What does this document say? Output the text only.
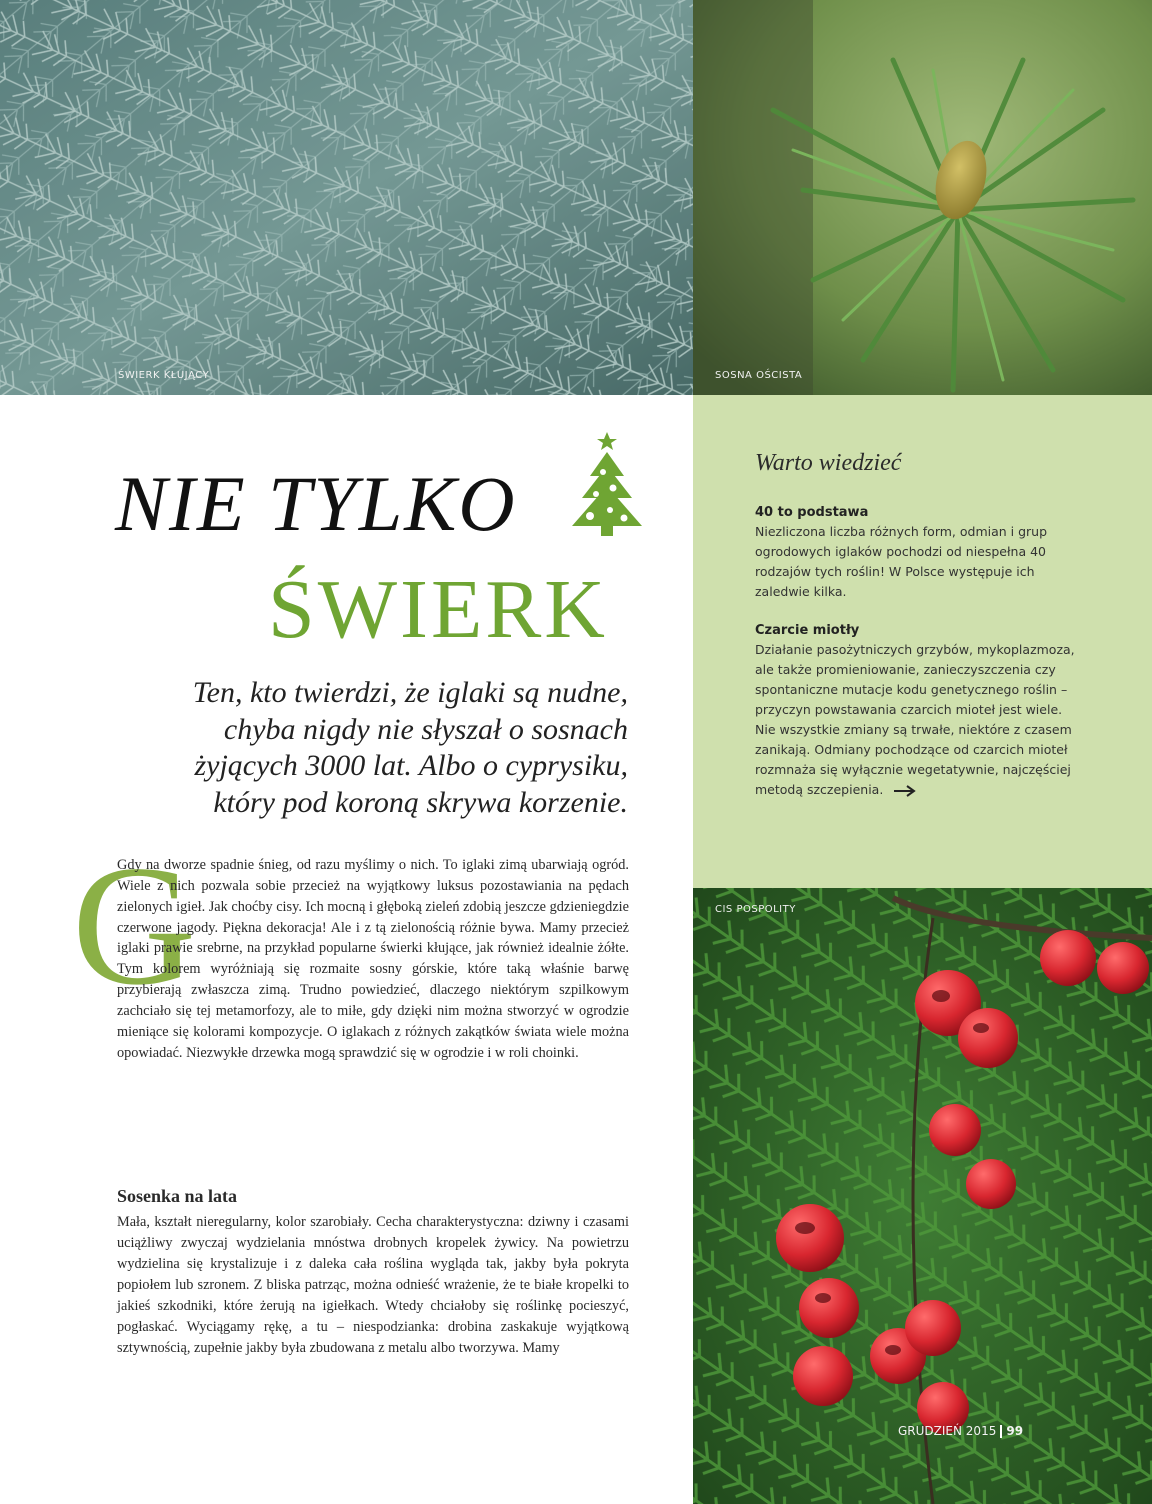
ŚWIERK KŁUJĄCY	SOSNA OŚCISTA
NIE TYLKO
ŚWIERK
Ten, kto twierdzi, że iglaki są nudne, chyba nigdy nie słyszał o sosnach żyjących 3000 lat. Albo o cyprysiku, który pod koroną skrywa korzenie.
G

Gdy na dworze spadnie śnieg, od razu myślimy o nich. To iglaki zimą ubarwiają ogród. Wiele z nich pozwala sobie przecież na wyjątkowy luksus pozostawiania na pędach zielonych igieł. Jak choćby cisy. Ich mocną i głęboką zieleń zdobią jeszcze gdzieniegdzie czerwone jagody. Piękna dekoracja! Ale i z tą zielonością różnie bywa. Mamy przecież iglaki prawie srebrne, na przykład popularne świerki kłujące, jak również idealnie żółte. Tym kolorem wyróżniają się rozmaite sosny górskie, które taką właśnie barwę przybierają zwłaszcza zimą. Trudno powiedzieć, dlaczego niektórym szpilkowym zachciało się tej metamorfozy, ale to miłe, gdy dzięki nim można stworzyć w ogrodzie mieniące się kolorami kompozycje. O iglakach z różnych zakątków świata wiele można opowiadać. Niezwykłe drzewka mogą sprawdzić się w ogrodzie i w roli choinki.

Sosenka na lata

Mała, kształt nieregularny, kolor szarobiały. Cecha charakterystyczna: dziwny i czasami uciążliwy zwyczaj wydzielania mnóstwa drobnych kropelek żywicy. Na powietrzu wydzielina się krystalizuje i z daleka cała roślina wygląda tak, jakby była pokryta popiołem lub szronem. Z bliska patrząc, można odnieść wrażenie, że te białe kropelki to jakieś szkodniki, które żerują na igiełkach. Wtedy chciałoby się roślinkę pocieszyć, pogłaskać. Wyciągamy rękę, a tu – niespodzianka: drobina zaskakuje wyjątkową sztywnością, zupełnie jakby była zbudowana z metalu albo tworzywa. Mamy

Warto wiedzieć
40 to podstawa
Niezliczona liczba różnych form, odmian i grup ogrodowych iglaków pochodzi od niespełna 40 rodzajów tych roślin! W Polsce występuje ich zaledwie kilka.
Czarcie miotły
Działanie pasożytniczych grzybów, mykoplazmoza, ale także promieniowanie, zanieczyszczenia czy spontaniczne mutacje kodu genetycznego roślin – przyczyn powstawania czarcich mioteł jest wiele. Nie wszystkie zmiany są trwałe, niektóre z czasem zanikają. Odmiany pochodzące od czarcich mioteł rozmnaża się wyłącznie wegetatywnie, najczęściej metodą szczepienia.
CIS POSPOLITY
GRUDZIEŃ 2015 99
